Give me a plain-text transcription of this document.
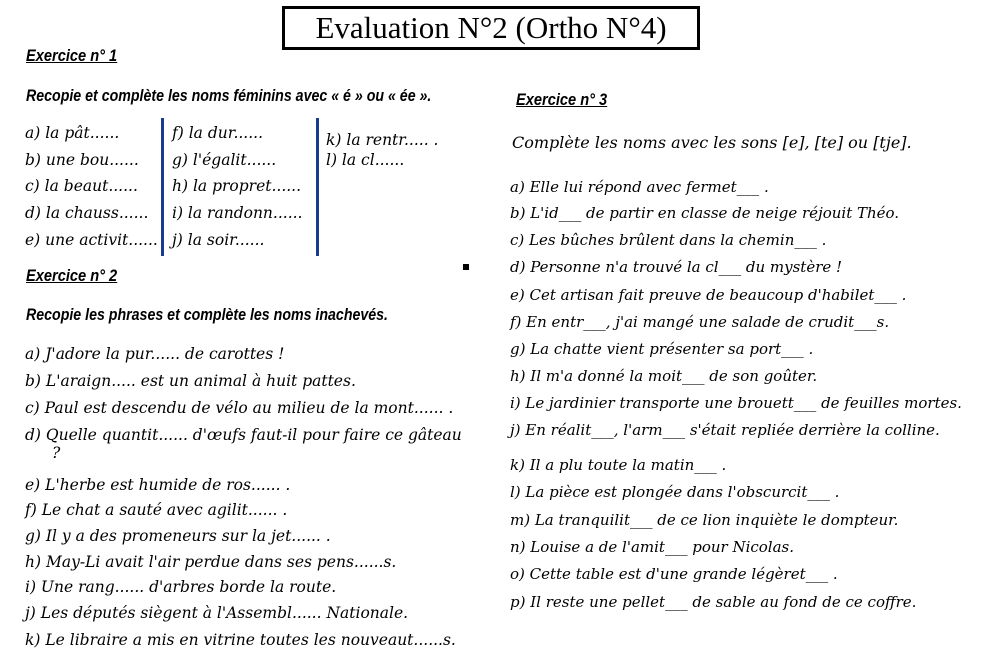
Evaluation N°2 (Ortho N°4)
Exercice n° 1
Recopie et complète les noms féminins avec « é » ou « ée ».
a) la pât......
b) une bou......
c) la beaut......
d) la chauss......
e) une activit......
f) la dur......
g) l'égalit......
h) la propret......
i) la randonn......
j) la soir......
k) la rentr..... .
l) la cl......
Exercice n° 2
Recopie les phrases et complète les noms inachevés.
a) J'adore la pur...... de carottes !
b) L'araign..... est un animal à huit pattes.
c) Paul est descendu de vélo au milieu de la mont...... .
d) Quelle quantit...... d'œufs faut-il pour faire ce gâteau
?
e) L'herbe est humide de ros...... .
f) Le chat a sauté avec agilit...... .
g) Il y a des promeneurs sur la jet...... .
h) May-Li avait l'air perdue dans ses pens......s.
i) Une rang...... d'arbres borde la route.
j) Les députés siègent à l'Assembl...... Nationale.
k) Le libraire a mis en vitrine toutes les nouveaut......s.
Exercice n° 3
Complète les noms avec les sons [e], [te] ou [tje].
a) Elle lui répond avec fermet___ .
b) L'id___ de partir en classe de neige réjouit Théo.
c) Les bûches brûlent dans la chemin___ .
d) Personne n'a trouvé la cl___ du mystère !
e) Cet artisan fait preuve de beaucoup d'habilet___ .
f) En entr___, j'ai mangé une salade de crudit___s.
g) La chatte vient présenter sa port___ .
h) Il m'a donné la moit___ de son goûter.
i) Le jardinier transporte une brouett___ de feuilles mortes.
j) En réalit___, l'arm___ s'était repliée derrière la colline.
k) Il a plu toute la matin___ .
l) La pièce est plongée dans l'obscurcit___ .
m) La tranquilit___ de ce lion inquiète le dompteur.
n) Louise a de l'amit___ pour Nicolas.
o) Cette table est d'une grande légèret___ .
p) Il reste une pellet___ de sable au fond de ce coffre.
